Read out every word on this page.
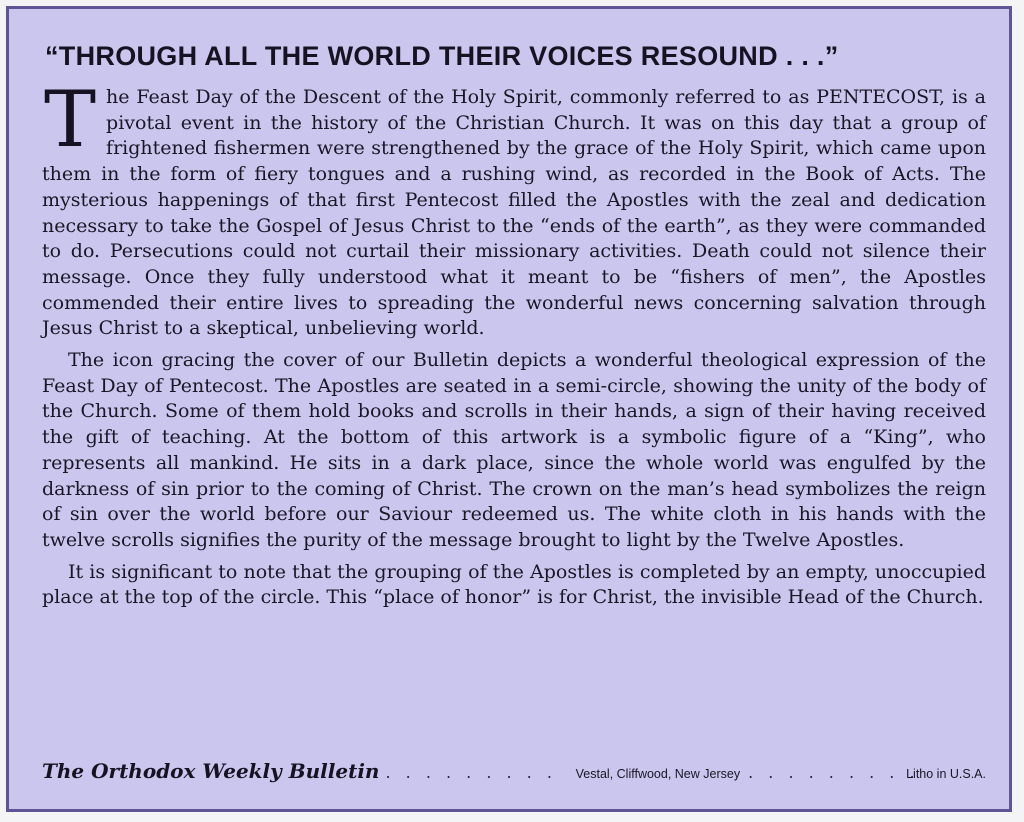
“THROUGH ALL THE WORLD THEIR VOICES RESOUND . . .”

The Feast Day of the Descent of the Holy Spirit, commonly referred to as PENTECOST, is a pivotal event in the history of the Christian Church. It was on this day that a group of frightened fishermen were strengthened by the grace of the Holy Spirit, which came upon them in the form of fiery tongues and a rushing wind, as recorded in the Book of Acts. The mysterious happenings of that first Pentecost filled the Apostles with the zeal and dedication necessary to take the Gospel of Jesus Christ to the “ends of the earth”, as they were commanded to do. Persecutions could not curtail their missionary activities. Death could not silence their message. Once they fully understood what it meant to be “fishers of men”, the Apostles commended their entire lives to spreading the wonderful news concerning salvation through Jesus Christ to a skeptical, unbelieving world.

The icon gracing the cover of our Bulletin depicts a wonderful theological expression of the Feast Day of Pentecost. The Apostles are seated in a semi-circle, showing the unity of the body of the Church. Some of them hold books and scrolls in their hands, a sign of their having received the gift of teaching. At the bottom of this artwork is a symbolic figure of a “King”, who represents all mankind. He sits in a dark place, since the whole world was engulfed by the darkness of sin prior to the coming of Christ. The crown on the man’s head symbolizes the reign of sin over the world before our Saviour redeemed us. The white cloth in his hands with the twelve scrolls signifies the purity of the message brought to light by the Twelve Apostles.

It is significant to note that the grouping of the Apostles is completed by an empty, unoccupied place at the top of the circle. This “place of honor” is for Christ, the invisible Head of the Church.

The Orthodox Weekly Bulletin . . . . . . . . .	Vestal, Cliffwood, New Jersey . . . . . . . . .
Litho in U.S.A.
